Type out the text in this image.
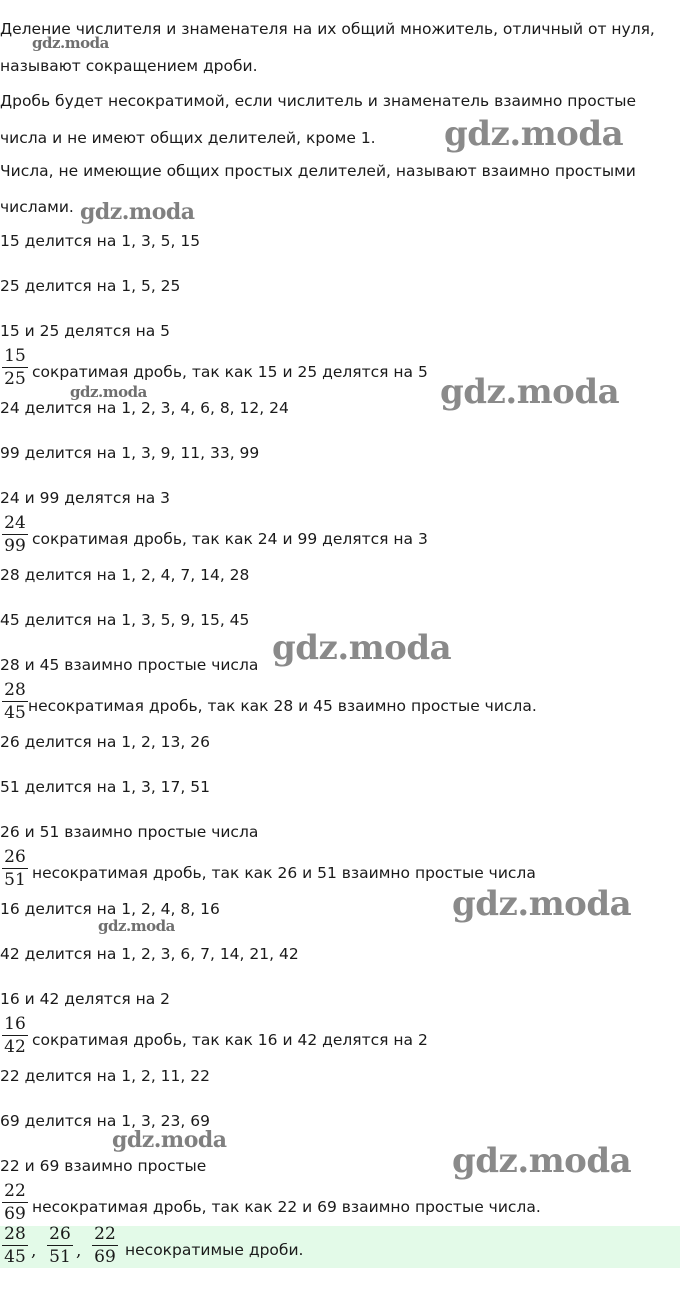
Деление числителя и знаменателя на их общий множитель, отличный от нуля,
называют сокращением дроби.
Дробь будет несократимой, если числитель и знаменатель взаимно простые
числа и не имеют общих делителей, кроме 1.
Числа, не имеющие общих простых делителей, называют взаимно простыми
числами.
15 делится на 1, 3, 5, 15
25 делится на 1, 5, 25
15 и 25 делятся на 5
15
25 сократимая дробь, так как 15 и 25 делятся на 5
24 делится на 1, 2, 3, 4, 6, 8, 12, 24
99 делится на 1, 3, 9, 11, 33, 99
24 и 99 делятся на 3
24
99 сократимая дробь, так как 24 и 99 делятся на 3
28 делится на 1, 2, 4, 7, 14, 28
45 делится на 1, 3, 5, 9, 15, 45
28 и 45 взаимно простые числа
28
45 несократимая дробь, так как 28 и 45 взаимно простые числа.
26 делится на 1, 2, 13, 26
51 делится на 1, 3, 17, 51
26 и 51 взаимно простые числа
26
51 несократимая дробь, так как 26 и 51 взаимно простые числа
16 делится на 1, 2, 4, 8, 16
42 делится на 1, 2, 3, 6, 7, 14, 21, 42
16 и 42 делятся на 2
16
42 сократимая дробь, так как 16 и 42 делятся на 2
22 делится на 1, 2, 11, 22
69 делится на 1, 3, 23, 69
22 и 69 взаимно простые
22
69 несократимая дробь, так как 22 и 69 взаимно простые числа.
28
45 ,
26
51 ,
22
69 несократимые дроби.
gdz.moda
gdz.moda
gdz.moda
gdz.moda	gdz.moda
gdz.moda
gdz.moda
gdz.moda
gdz.moda
gdz.moda
